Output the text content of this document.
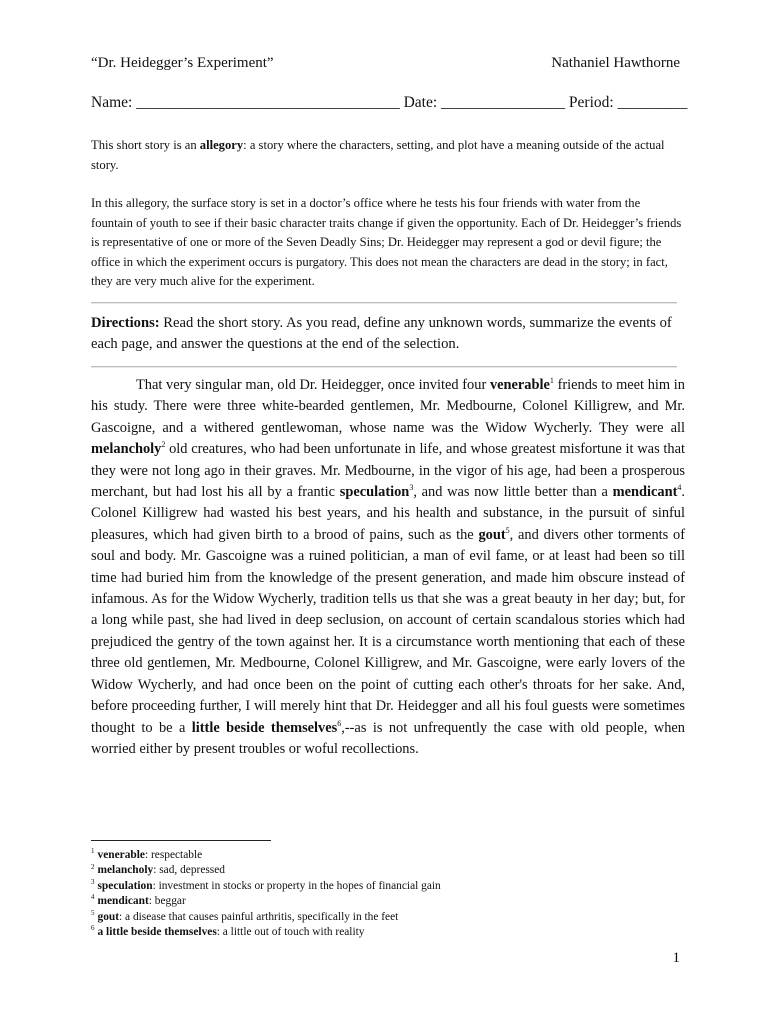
“Dr. Heidegger’s Experiment”	Nathaniel Hawthorne
Name: __________________________________ Date: ________________ Period: _________

This short story is an allegory: a story where the characters, setting, and plot have a meaning outside of the actual story.

In this allegory, the surface story is set in a doctor’s office where he tests his four friends with water from the fountain of youth to see if their basic character traits change if given the opportunity. Each of Dr. Heidegger’s friends is representative of one or more of the Seven Deadly Sins; Dr. Heidegger may represent a god or devil figure; the office in which the experiment occurs is purgatory. This does not mean the characters are dead in the story; in fact, they are very much alive for the experiment.

Directions: Read the short story. As you read, define any unknown words, summarize the events of each page, and answer the questions at the end of the selection.

That very singular man, old Dr. Heidegger, once invited four venerable$^1$ friends to meet him in his study. There were three white-bearded gentlemen, Mr. Medbourne, Colonel Killigrew, and Mr. Gascoigne, and a withered gentlewoman, whose name was the Widow Wycherly. They were all melancholy$^2$ old creatures, who had been unfortunate in life, and whose greatest misfortune it was that they were not long ago in their graves. Mr. Medbourne, in the vigor of his age, had been a prosperous merchant, but had lost his all by a frantic speculation$^3$, and was now little better than a mendicant$^4$. Colonel Killigrew had wasted his best years, and his health and substance, in the pursuit of sinful pleasures, which had given birth to a brood of pains, such as the gout$^5$, and divers other torments of soul and body. Mr. Gascoigne was a ruined politician, a man of evil fame, or at least had been so till time had buried him from the knowledge of the present generation, and made him obscure instead of infamous. As for the Widow Wycherly, tradition tells us that she was a great beauty in her day; but, for a long while past, she had lived in deep seclusion, on account of certain scandalous stories which had prejudiced the gentry of the town against her. It is a circumstance worth mentioning that each of these three old gentlemen, Mr. Medbourne, Colonel Killigrew, and Mr. Gascoigne, were early lovers of the Widow Wycherly, and had once been on the point of cutting each other's throats for her sake. And, before proceeding further, I will merely hint that Dr. Heidegger and all his foul guests were sometimes thought to be a little beside themselves$^6$,--as is not unfrequently the case with old people, when worried either by present troubles or woful recollections.

$^1$ venerable: respectable
$^2$ melancholy: sad, depressed
$^3$ speculation: investment in stocks or property in the hopes of financial gain
$^4$ mendicant: beggar
$^5$ gout: a disease that causes painful arthritis, specifically in the feet
$^6$ a little beside themselves: a little out of touch with reality
1
